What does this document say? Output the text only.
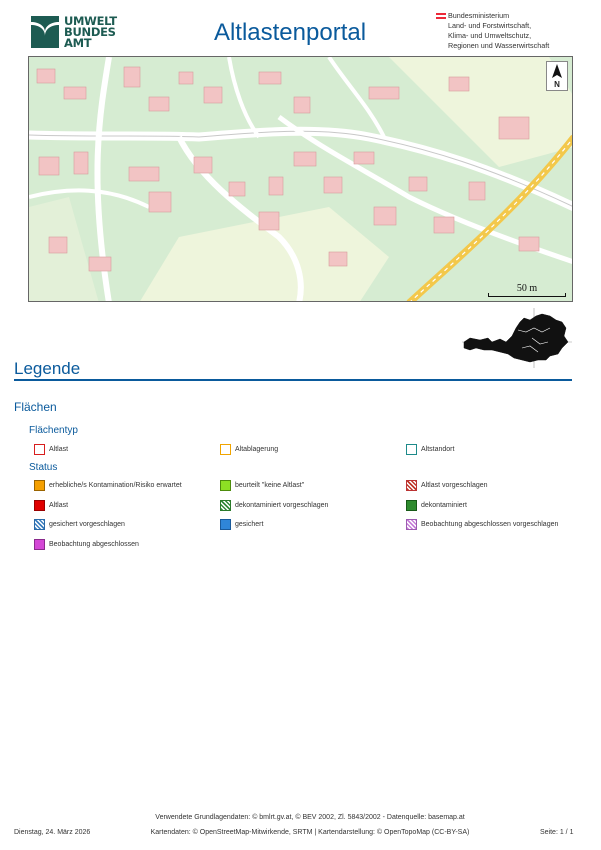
UMWELT
BUNDES
AMT	Altlastenportal
Bundesministerium
Land- und Forstwirtschaft,
Klima- und Umweltschutz,
Regionen und Wasserwirtschaft
N
50 m
Legende
Flächen
Flächentyp
Altlast	Altablagerung	Altstandort
Status
erhebliche/s Kontamination/Risiko erwartet	beurteilt "keine Altlast"	Altlast vorgeschlagen
Altlast	dekontaminiert vorgeschlagen	dekontaminiert
gesichert vorgeschlagen	gesichert	Beobachtung abgeschlossen vorgeschlagen
Beobachtung abgeschlossen
Verwendete Grundlagendaten: © bmlrt.gv.at, © BEV 2002, Zl. 5843/2002 - Datenquelle: basemap.at
Dienstag, 24. März 2026	Kartendaten: © OpenStreetMap-Mitwirkende, SRTM | Kartendarstellung: © OpenTopoMap (CC-BY-SA)	Seite: 1 / 1
